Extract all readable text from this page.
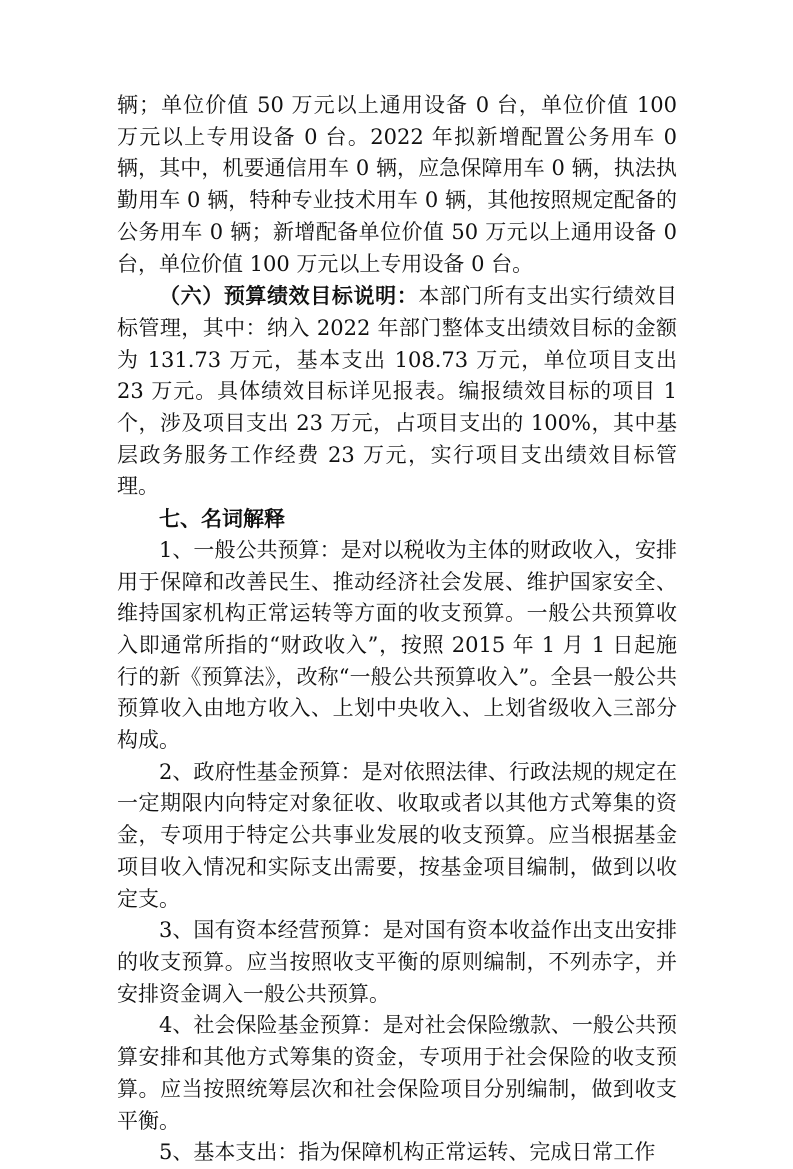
辆；单位价值 50 万元以上通用设备 0 台，单位价值 100 万元以上专用设备 0 台。2022 年拟新增配置公务用车 0 辆，其中，机要通信用车 0 辆，应急保障用车 0 辆，执法执勤用车 0 辆，特种专业技术用车 0 辆，其他按照规定配备的公务用车 0 辆；新增配备单位价值 50 万元以上通用设备 0 台，单位价值 100 万元以上专用设备 0 台。

（六）预算绩效目标说明：本部门所有支出实行绩效目标管理，其中：纳入 2022 年部门整体支出绩效目标的金额为 131.73 万元，基本支出 108.73 万元，单位项目支出 23 万元。具体绩效目标详见报表。编报绩效目标的项目 1 个，涉及项目支出 23 万元，占项目支出的 100%，其中基层政务服务工作经费 23 万元，实行项目支出绩效目标管理。

七、名词解释

1、一般公共预算：是对以税收为主体的财政收入，安排用于保障和改善民生、推动经济社会发展、维护国家安全、维持国家机构正常运转等方面的收支预算。一般公共预算收入即通常所指的“财政收入”，按照 2015 年 1 月 1 日起施行的新《预算法》，改称“一般公共预算收入”。全县一般公共预算收入由地方收入、上划中央收入、上划省级收入三部分构成。

2、政府性基金预算：是对依照法律、行政法规的规定在一定期限内向特定对象征收、收取或者以其他方式筹集的资金，专项用于特定公共事业发展的收支预算。应当根据基金项目收入情况和实际支出需要，按基金项目编制，做到以收定支。

3、国有资本经营预算：是对国有资本收益作出支出安排的收支预算。应当按照收支平衡的原则编制，不列赤字，并安排资金调入一般公共预算。

4、社会保险基金预算：是对社会保险缴款、一般公共预算安排和其他方式筹集的资金，专项用于社会保险的收支预算。应当按照统筹层次和社会保险项目分别编制，做到收支平衡。

5、基本支出：指为保障机构正常运转、完成日常工作
